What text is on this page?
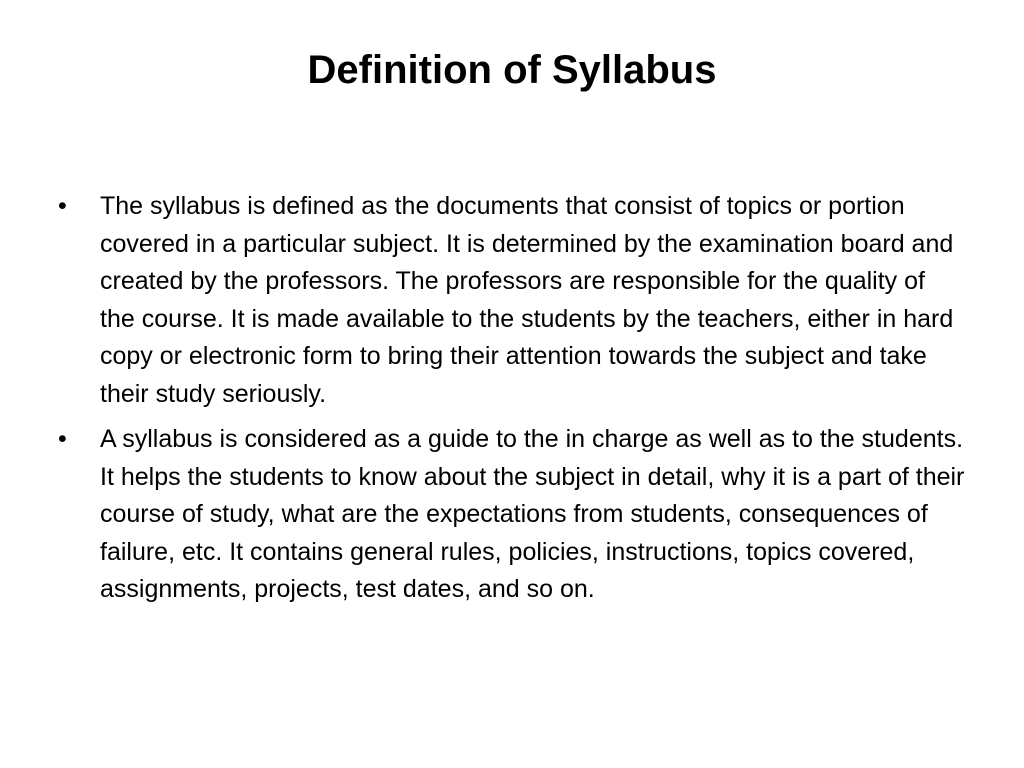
Definition of Syllabus
• The syllabus is defined as the documents that consist of topics or portion covered in a particular subject. It is determined by the examination board and created by the professors. The professors are responsible for the quality of the course. It is made available to the students by the teachers, either in hard copy or electronic form to bring their attention towards the subject and take their study seriously.
• A syllabus is considered as a guide to the in charge as well as to the students. It helps the students to know about the subject in detail, why it is a part of their course of study, what are the expectations from students, consequences of failure, etc. It contains general rules, policies, instructions, topics covered, assignments, projects, test dates, and so on.
